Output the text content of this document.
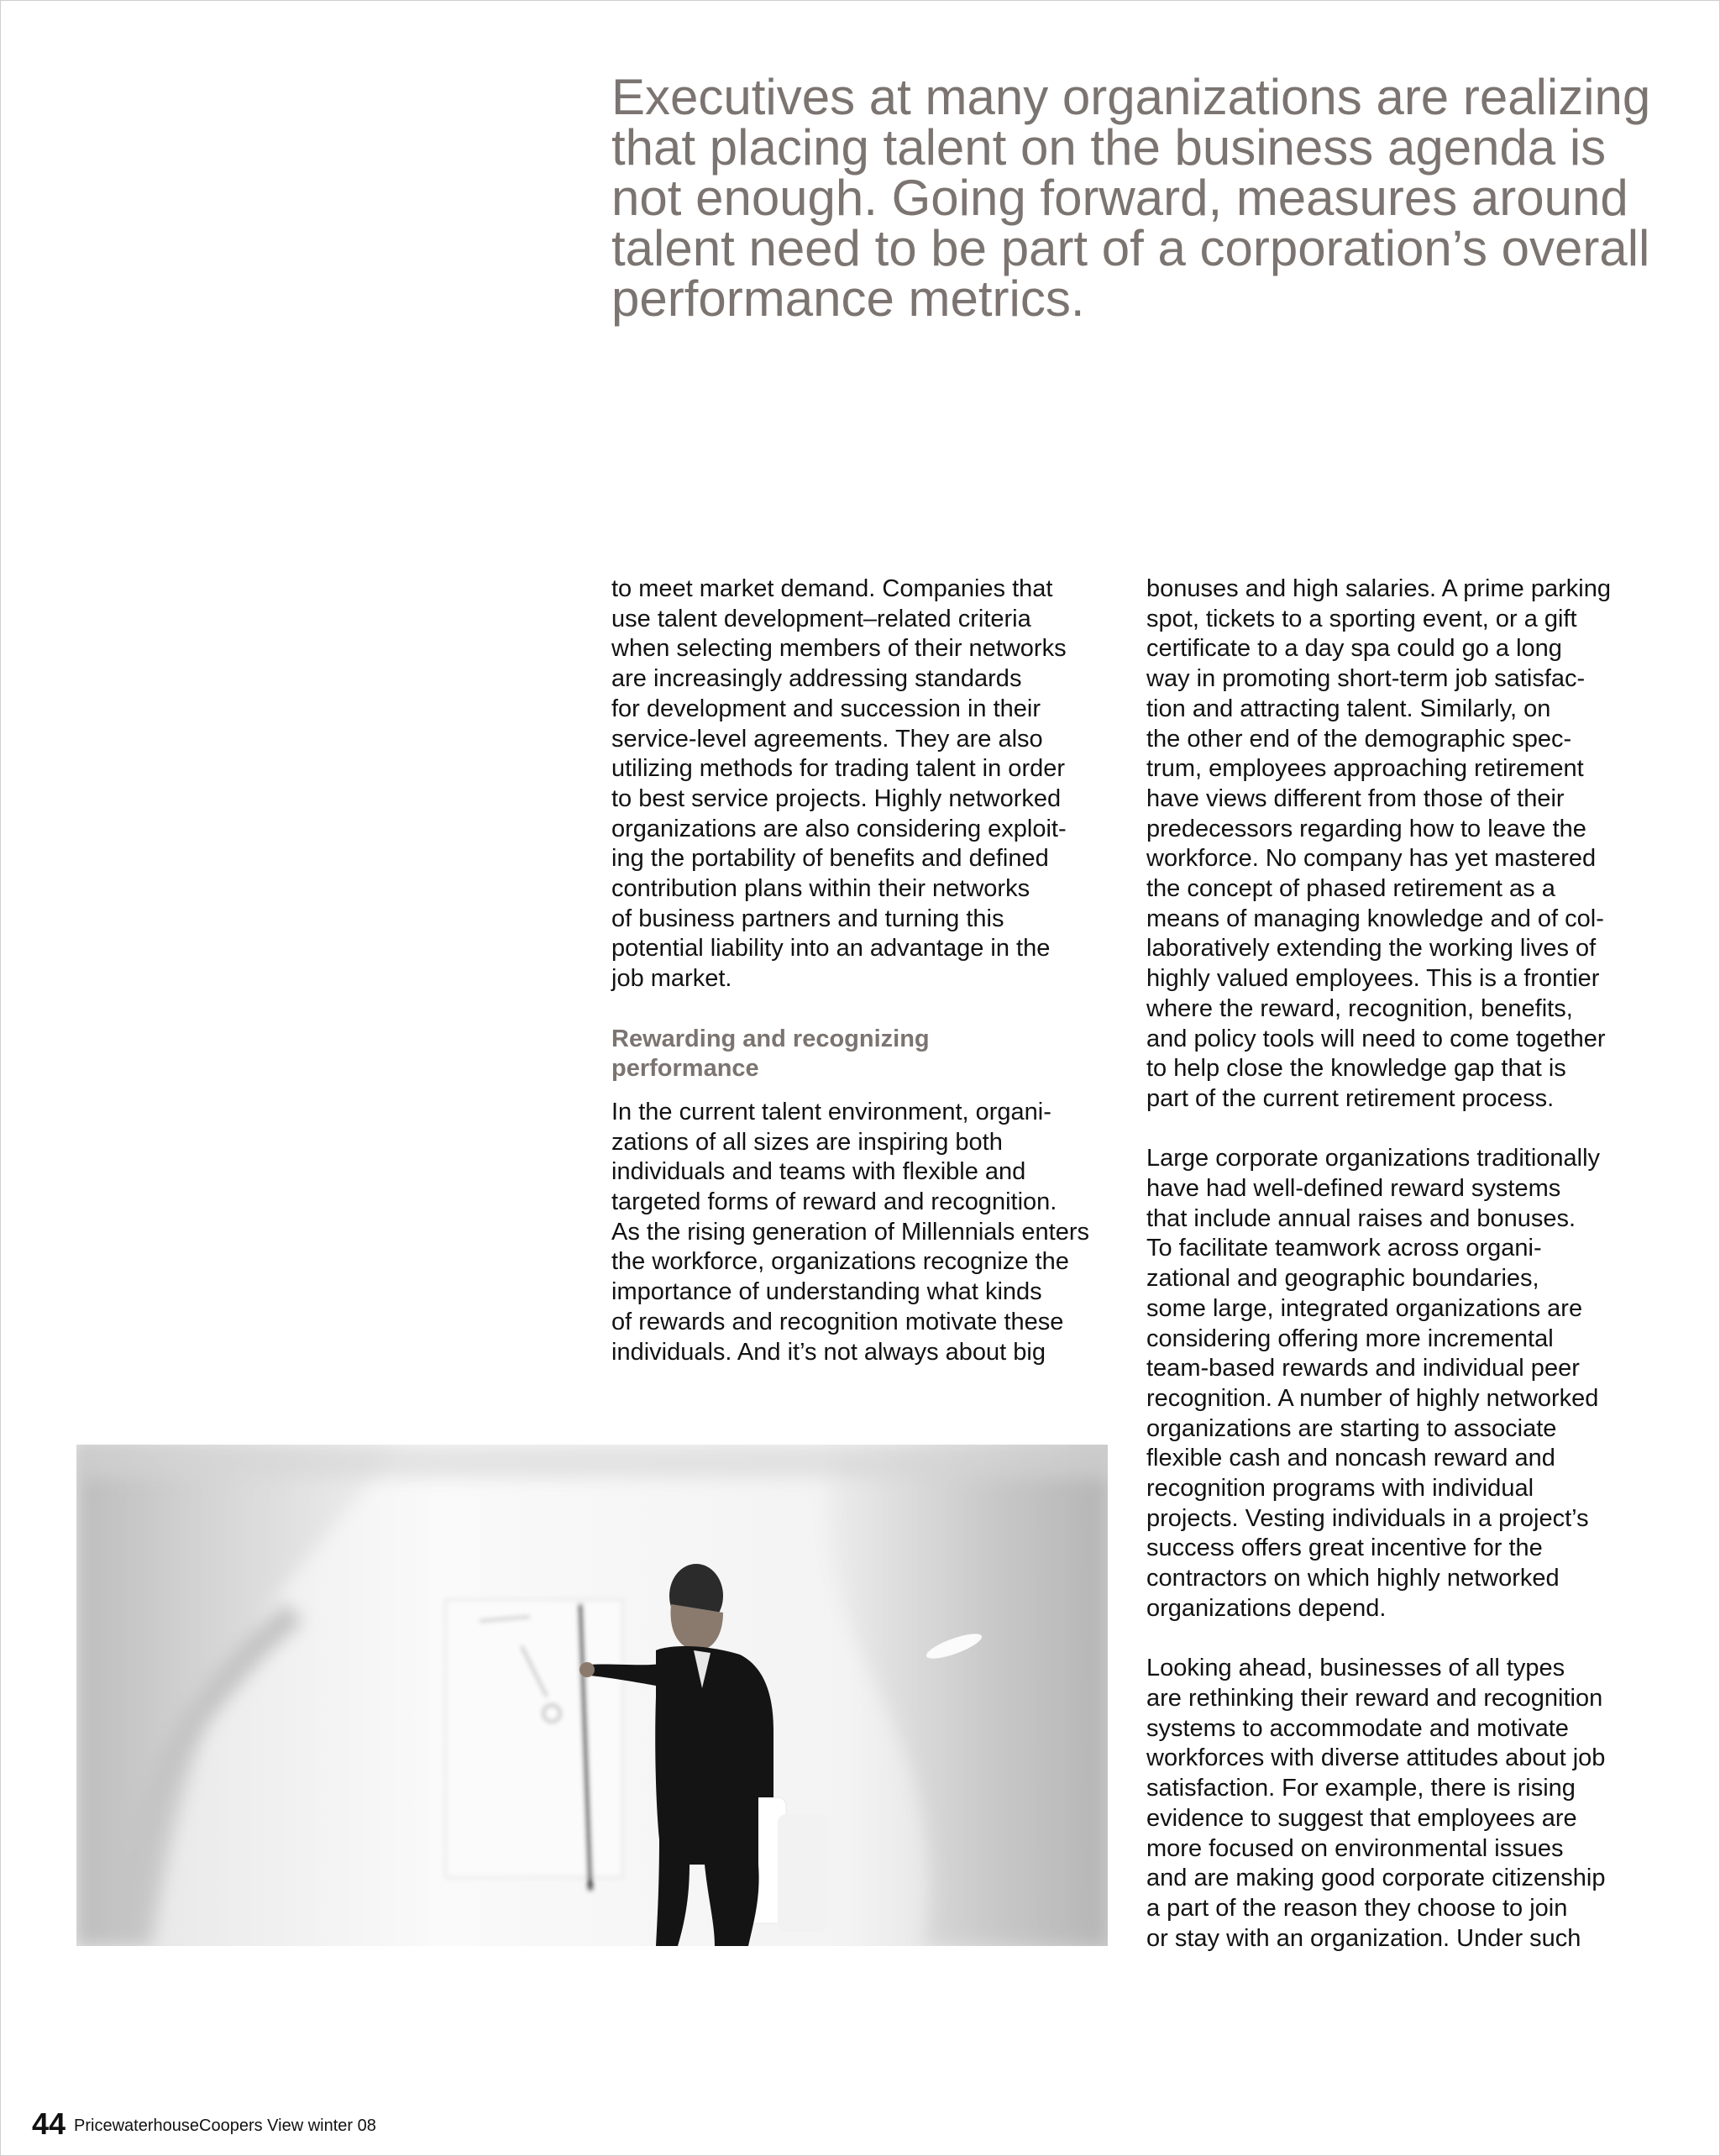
Executives at many organizations are realizing
that placing talent on the business agenda is
not enough. Going forward, measures around
talent need to be part of a corporation’s overall
performance metrics.

to meet market demand. Companies that
use talent development–related criteria
when selecting members of their networks
are increasingly addressing standards
for development and succession in their
service-level agreements. They are also
utilizing methods for trading talent in order
to best service projects. Highly networked
organizations are also considering exploit-
ing the portability of benefits and defined
contribution plans within their networks
of business partners and turning this
potential liability into an advantage in the
job market.

Rewarding and recognizing
performance

In the current talent environment, organi-
zations of all sizes are inspiring both
individuals and teams with flexible and
targeted forms of reward and recognition.
As the rising generation of Millennials enters
the workforce, organizations recognize the
importance of understanding what kinds
of rewards and recognition motivate these
individuals. And it’s not always about big

bonuses and high salaries. A prime parking
spot, tickets to a sporting event, or a gift
certificate to a day spa could go a long
way in promoting short-term job satisfac-
tion and attracting talent. Similarly, on
the other end of the demographic spec-
trum, employees approaching retirement
have views different from those of their
predecessors regarding how to leave the
workforce. No company has yet mastered
the concept of phased retirement as a
means of managing knowledge and of col-
laboratively extending the working lives of
highly valued employees. This is a frontier
where the reward, recognition, benefits,
and policy tools will need to come together
to help close the knowledge gap that is
part of the current retirement process.

Large corporate organizations traditionally
have had well-defined reward systems
that include annual raises and bonuses.
To facilitate teamwork across organi-
zational and geographic boundaries,
some large, integrated organizations are
considering offering more incremental
team-based rewards and individual peer
recognition. A number of highly networked
organizations are starting to associate
flexible cash and noncash reward and
recognition programs with individual
projects. Vesting individuals in a project’s
success offers great incentive for the
contractors on which highly networked
organizations depend.

Looking ahead, businesses of all types
are rethinking their reward and recognition
systems to accommodate and motivate
workforces with diverse attitudes about job
satisfaction. For example, there is rising
evidence to suggest that employees are
more focused on environmental issues
and are making good corporate citizenship
a part of the reason they choose to join
or stay with an organization. Under such

44 PricewaterhouseCoopers View winter 08
